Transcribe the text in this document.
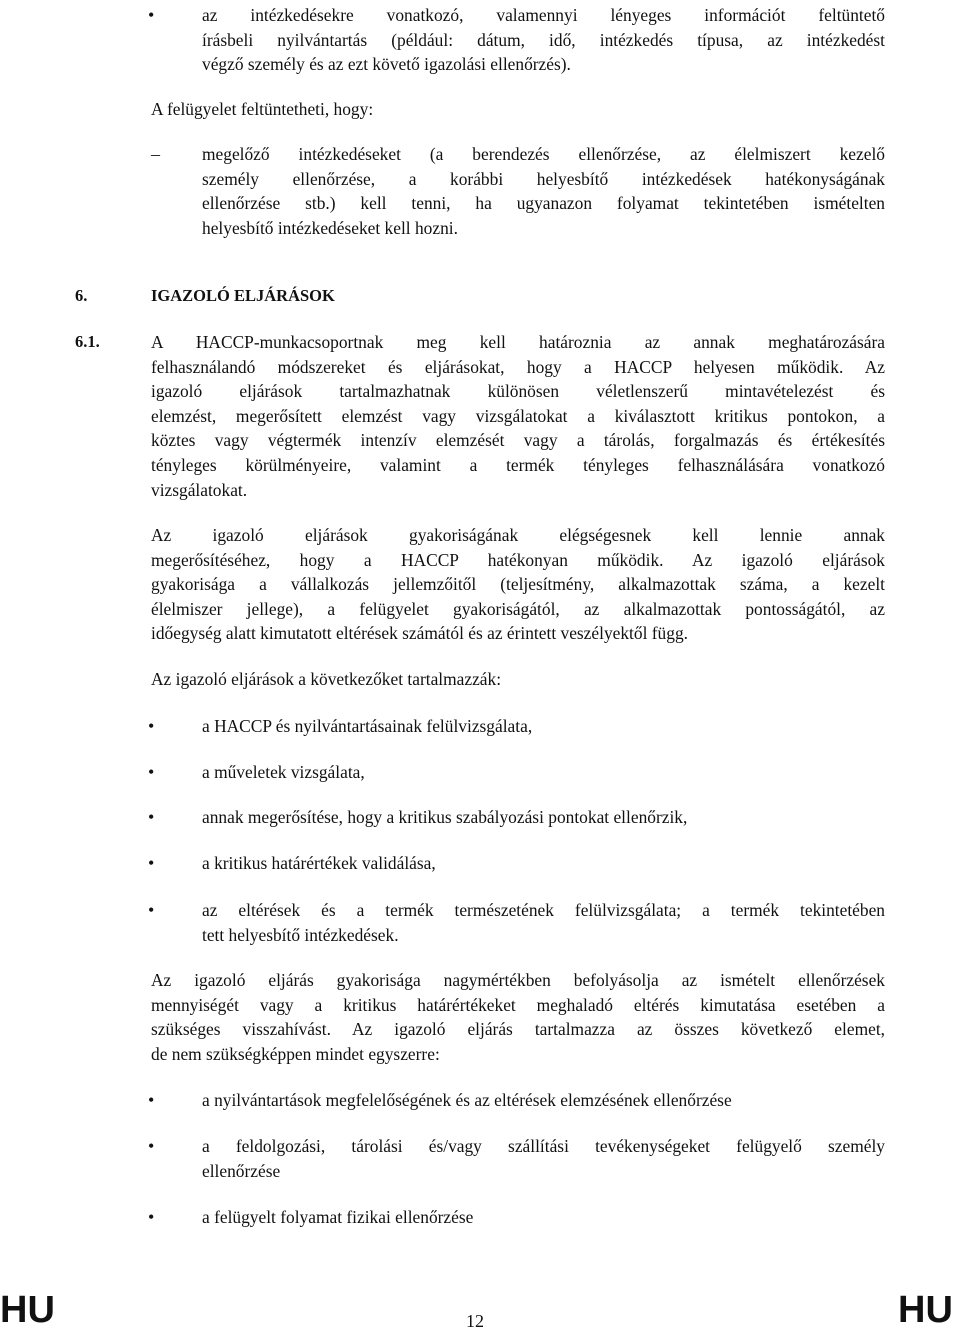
•	az intézkedésekre vonatkozó, valamennyi lényeges információt feltüntető
írásbeli nyilvántartás (például: dátum, idő, intézkedés típusa, az intézkedést
végző személy és az ezt követő igazolási ellenőrzés).

A felügyelet feltüntetheti, hogy:

– megelőző intézkedéseket (a berendezés ellenőrzése, az élelmiszert kezelő
személy ellenőrzése, a korábbi helyesbítő intézkedések hatékonyságának
ellenőrzése stb.) kell tenni, ha ugyanazon folyamat tekintetében ismételten
helyesbítő intézkedéseket kell hozni.

6.	IGAZOLÓ ELJÁRÁSOK
6.1.	A HACCP-munkacsoportnak meg kell határoznia az annak meghatározására
felhasználandó módszereket és eljárásokat, hogy a HACCP helyesen működik. Az
igazoló eljárások tartalmazhatnak különösen véletlenszerű mintavételezést és
elemzést, megerősített elemzést vagy vizsgálatokat a kiválasztott kritikus pontokon, a
köztes vagy végtermék intenzív elemzését vagy a tárolás, forgalmazás és értékesítés
tényleges körülményeire, valamint a termék tényleges felhasználására vonatkozó
vizsgálatokat.

Az igazoló eljárások gyakoriságának elégségesnek kell lennie annak
megerősítéséhez, hogy a HACCP hatékonyan működik. Az igazoló eljárások
gyakorisága a vállalkozás jellemzőitől (teljesítmény, alkalmazottak száma, a kezelt
élelmiszer jellege), a felügyelet gyakoriságától, az alkalmazottak pontosságától, az
időegység alatt kimutatott eltérések számától és az érintett veszélyektől függ.

Az igazoló eljárások a következőket tartalmazzák:

•	a HACCP és nyilvántartásainak felülvizsgálata,

•	a műveletek vizsgálata,

•	annak megerősítése, hogy a kritikus szabályozási pontokat ellenőrzik,

•	a kritikus határértékek validálása,

•	az eltérések és a termék természetének felülvizsgálata; a termék tekintetében
tett helyesbítő intézkedések.

Az igazoló eljárás gyakorisága nagymértékben befolyásolja az ismételt ellenőrzések
mennyiségét vagy a kritikus határértékeket meghaladó eltérés kimutatása esetében a
szükséges visszahívást. Az igazoló eljárás tartalmazza az összes következő elemet,
de nem szükségképpen mindet egyszerre:

•	a nyilvántartások megfelelőségének és az eltérések elemzésének ellenőrzése

•	a feldolgozási, tárolási és/vagy szállítási tevékenységeket felügyelő személy
ellenőrzése

•	a felügyelt folyamat fizikai ellenőrzése

HU	12	HU
